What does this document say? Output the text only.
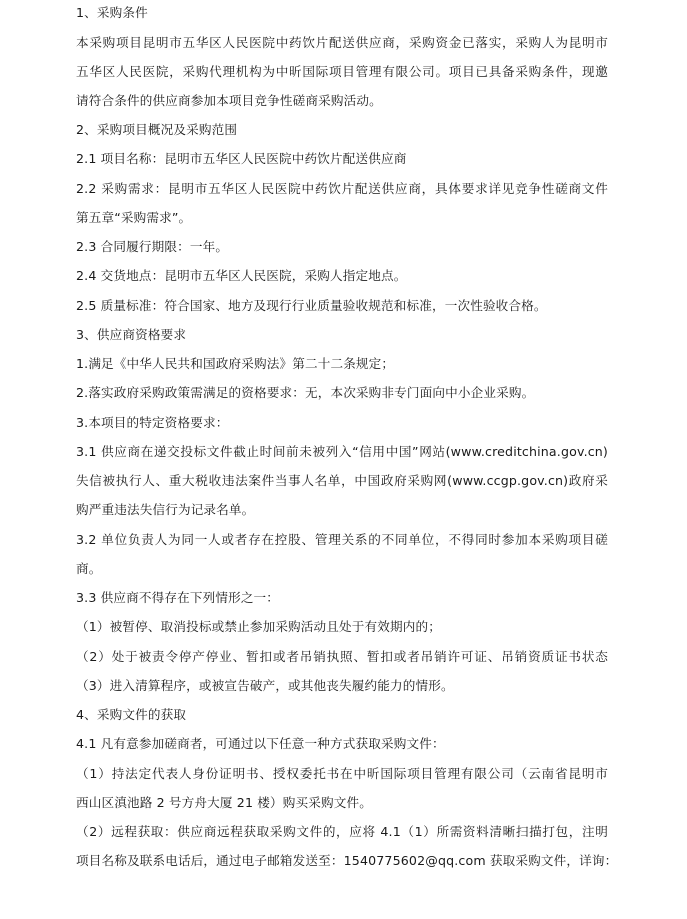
1、采购条件
本采购项目昆明市五华区人民医院中药饮片配送供应商，采购资金已落实，采购人为昆明市
五华区人民医院，采购代理机构为中昕国际项目管理有限公司。项目已具备采购条件，现邀
请符合条件的供应商参加本项目竞争性磋商采购活动。
2、采购项目概况及采购范围
2.1 项目名称：昆明市五华区人民医院中药饮片配送供应商
2.2 采购需求：昆明市五华区人民医院中药饮片配送供应商，具体要求详见竞争性磋商文件
第五章“采购需求”。
2.3 合同履行期限：一年。
2.4 交货地点：昆明市五华区人民医院，采购人指定地点。
2.5 质量标准：符合国家、地方及现行行业质量验收规范和标准，一次性验收合格。
3、供应商资格要求
1.满足《中华人民共和国政府采购法》第二十二条规定；
2.落实政府采购政策需满足的资格要求：无，本次采购非专门面向中小企业采购。
3.本项目的特定资格要求：
3.1 供应商在递交投标文件截止时间前未被列入“信用中国”网站(www.creditchina.gov.cn)
失信被执行人、重大税收违法案件当事人名单，中国政府采购网(www.ccgp.gov.cn)政府采
购严重违法失信行为记录名单。
3.2 单位负责人为同一人或者存在控股、管理关系的不同单位，不得同时参加本采购项目磋
商。
3.3 供应商不得存在下列情形之一：
（1）被暂停、取消投标或禁止参加采购活动且处于有效期内的；
（2）处于被责令停产停业、暂扣或者吊销执照、暂扣或者吊销许可证、吊销资质证书状态
（3）进入清算程序，或被宣告破产，或其他丧失履约能力的情形。
4、采购文件的获取
4.1 凡有意参加磋商者，可通过以下任意一种方式获取采购文件：
（1）持法定代表人身份证明书、授权委托书在中昕国际项目管理有限公司（云南省昆明市
西山区滇池路 2 号方舟大厦 21 楼）购买采购文件。
（2）远程获取：供应商远程获取采购文件的，应将 4.1（1）所需资料清晰扫描打包，注明
项目名称及联系电话后，通过电子邮箱发送至：1540775602@qq.com 获取采购文件，详询：
